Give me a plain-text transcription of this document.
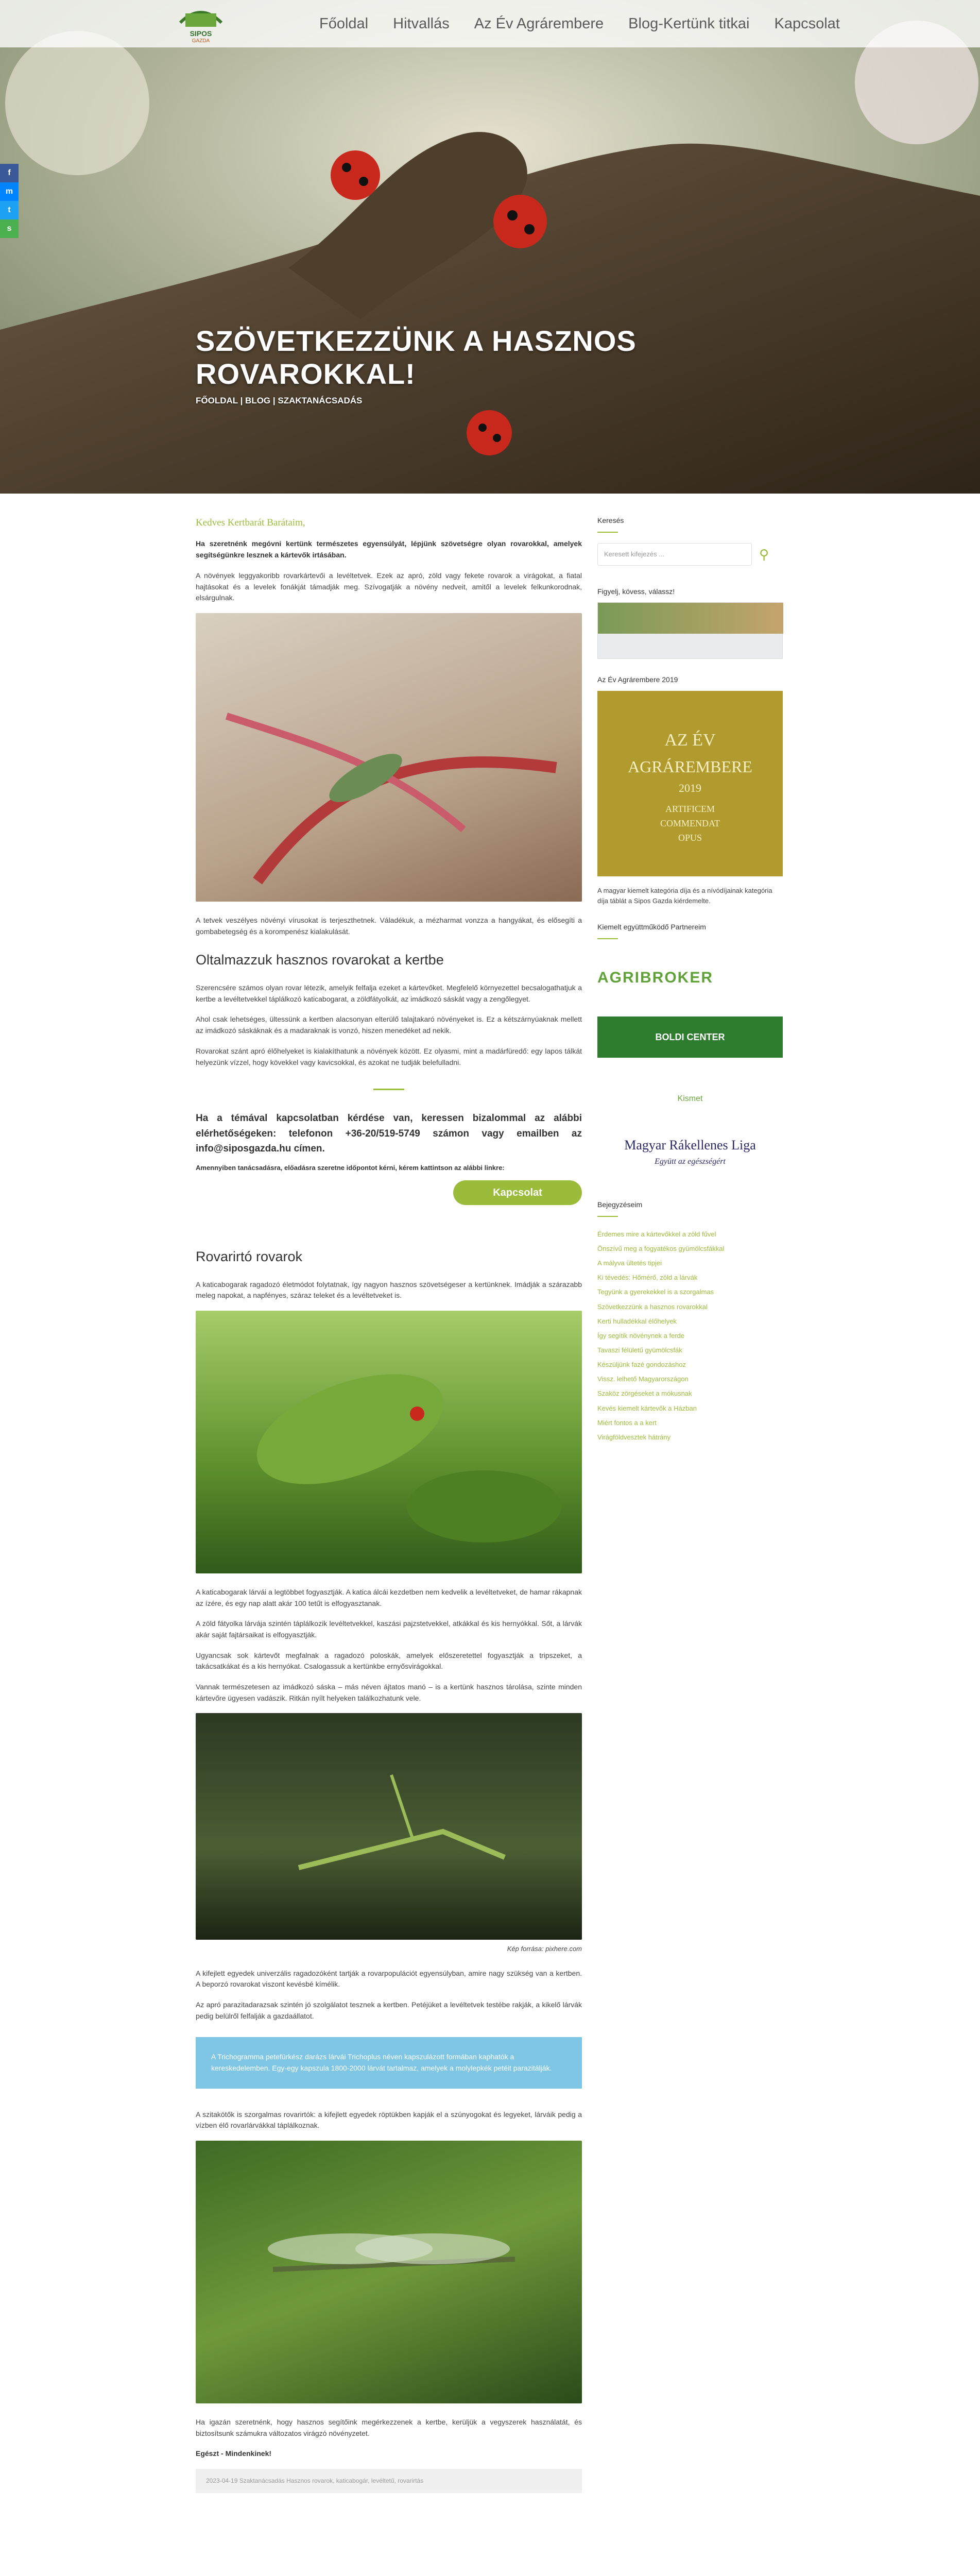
SZÖVETKEZZÜNK A HASZNOS
ROVAROKKAL!
FŐOLDAL | BLOG | SZAKTANÁCSADÁS
SIPOS
GAZDA
Főoldal Hitvallás Az Év Agrárembere Blog-Kertünk titkai Kapcsolat
f
m
t
s
Kedves Kertbarát Barátaim,

Ha szeretnénk megóvni kertünk természetes egyensúlyát, lépjünk szövetségre olyan rovarokkal, amelyek segítségünkre lesznek a kártevők irtásában.

A növények leggyakoribb rovarkártevői a levéltetvek. Ezek az apró, zöld vagy fekete rovarok a virágokat, a fiatal hajtásokat és a levelek fonákját támadják meg. Szívogatják a növény nedveit, amitől a levelek felkunkorodnak, elsárgulnak.

A tetvek veszélyes növényi vírusokat is terjeszthetnek. Váladékuk, a mézharmat vonzza a hangyákat, és elősegíti a gombabetegség és a korompenész kialakulását.

Oltalmazzuk hasznos rovarokat a kertbe

Szerencsére számos olyan rovar létezik, amelyik felfalja ezeket a kártevőket. Megfelelő környezettel becsalogathatjuk a kertbe a levéltetvekkel táplálkozó katicabogarat, a zöldfátyolkát, az imádkozó sáskát vagy a zengőlegyet.

Ahol csak lehetséges, ültessünk a kertben alacsonyan elterülő talajtakaró növényeket is. Ez a kétszárnyúaknak mellett az imádkozó sáskáknak és a madaraknak is vonzó, hiszen menedéket ad nekik.

Rovarokat szánt apró élőhelyeket is kialakíthatunk a növények között. Ez olyasmi, mint a madárfüredő: egy lapos tálkát helyezünk vízzel, hogy kövekkel vagy kavicsokkal, és azokat ne tudják belefulladni.

Ha a témával kapcsolatban kérdése van, keressen bizalommal az alábbi elérhetőségeken: telefonon +36-20/519-5749 számon vagy emailben az info@siposgazda.hu címen.

Amennyiben tanácsadásra, előadásra szeretne időpontot kérni, kérem kattintson az alábbi linkre:

Kapcsolat
Rovarirtó rovarok

A katicabogarak ragadozó életmódot folytatnak, így nagyon hasznos szövetségeser a kertünknek. Imádják a szárazabb meleg napokat, a napfényes, száraz teleket és a levéltetveket is.

A katicabogarak lárvái a legtöbbet fogyasztják. A katica álcái kezdetben nem kedvelik a levéltetveket, de hamar rákapnak az ízére, és egy nap alatt akár 100 tetűt is elfogyasztanak.

A zöld fátyolka lárvája szintén táplálkozik levéltetvekkel, kaszási pajzstetvekkel, atkákkal és kis hernyókkal. Sőt, a lárvák akár saját fajtársaikat is elfogyasztják.

Ugyancsak sok kártevőt megfalnak a ragadozó poloskák, amelyek előszeretettel fogyasztják a tripszeket, a takácsatkákat és a kis hernyókat. Csalogassuk a kertünkbe ernyősvirágokkal.

Vannak természetesen az imádkozó sáska – más néven ájtatos manó – is a kertünk hasznos tárolása, szinte minden kártevőre ügyesen vadászik. Ritkán nyílt helyeken találkozhatunk vele.

Kép forrása: pixhere.com

A kifejlett egyedek univerzális ragadozóként tartják a rovarpopulációt egyensúlyban, amire nagy szükség van a kertben. A beporzó rovarokat viszont kevésbé kímélik.

Az apró parazitadarazsak szintén jó szolgálatot tesznek a kertben. Petéjüket a levéltetvek testébe rakják, a kikelő lárvák pedig belülről felfalják a gazdaállatot.

A Trichogramma petefürkész darázs lárvái Trichoplus néven kapszulázott formában kaphatók a kereskedelemben. Egy-egy kapszula 1800-2000 lárvát tartalmaz, amelyek a molylepkék petéit parazitálják.

A szitakötők is szorgalmas rovarirtók: a kifejlett egyedek röptükben kapják el a szúnyogokat és legyeket, lárváik pedig a vízben élő rovarlárvákkal táplálkoznak.

Ha igazán szeretnénk, hogy hasznos segítőink megérkezzenek a kertbe, kerüljük a vegyszerek használatát, és biztosítsunk számukra változatos virágzó növényzetet.

Egészt - Mindenkinek!

2023-04-19 Szaktanácsadás Hasznos rovarok, katicabogár, levéltetű, rovarirtás
Keresés
Keresett kifejezés ...	⚲
Figyelj, kövess, válassz!
Az Év Agrárembere 2019
AZ ÉV
AGRÁREMBERE
2019
ARTIFICEM
COMMENDAT
OPUS

A magyar kiemelt kategória díja és a nívódíjainak kategória díja táblát a Sipos Gazda kiérdemelte.

Kiemelt együttműködő Partnereim
AGRIBROKER
BOLDI CENTER
Kismet
Magyar Rákellenes Liga
Együtt az egészségért
Bejegyzéseim
Érdemes mire a kártevőkkel a zöld fűvel
Önszívű meg a fogyatékos gyümölcsfákkal
A mályva ültetés tipjei
Ki tévedés: Hőmérő, zöld a lárvák
Tegyünk a gyerekekkel is a szorgalmas
Szövetkezzünk a hasznos rovarokkal
Kerti hulladékkal élőhelyek
Így segítik növénynek a ferde
Tavaszi félületű gyümölcsfák
Készüljünk fazé gondozáshoz
Vissz. lelhető Magyarországon
Szaköz zörgéseket a mókusnak
Kevés kiemelt kártevők a Házban
Miért fontos a a kert
Virágföldvesztek hátrány
